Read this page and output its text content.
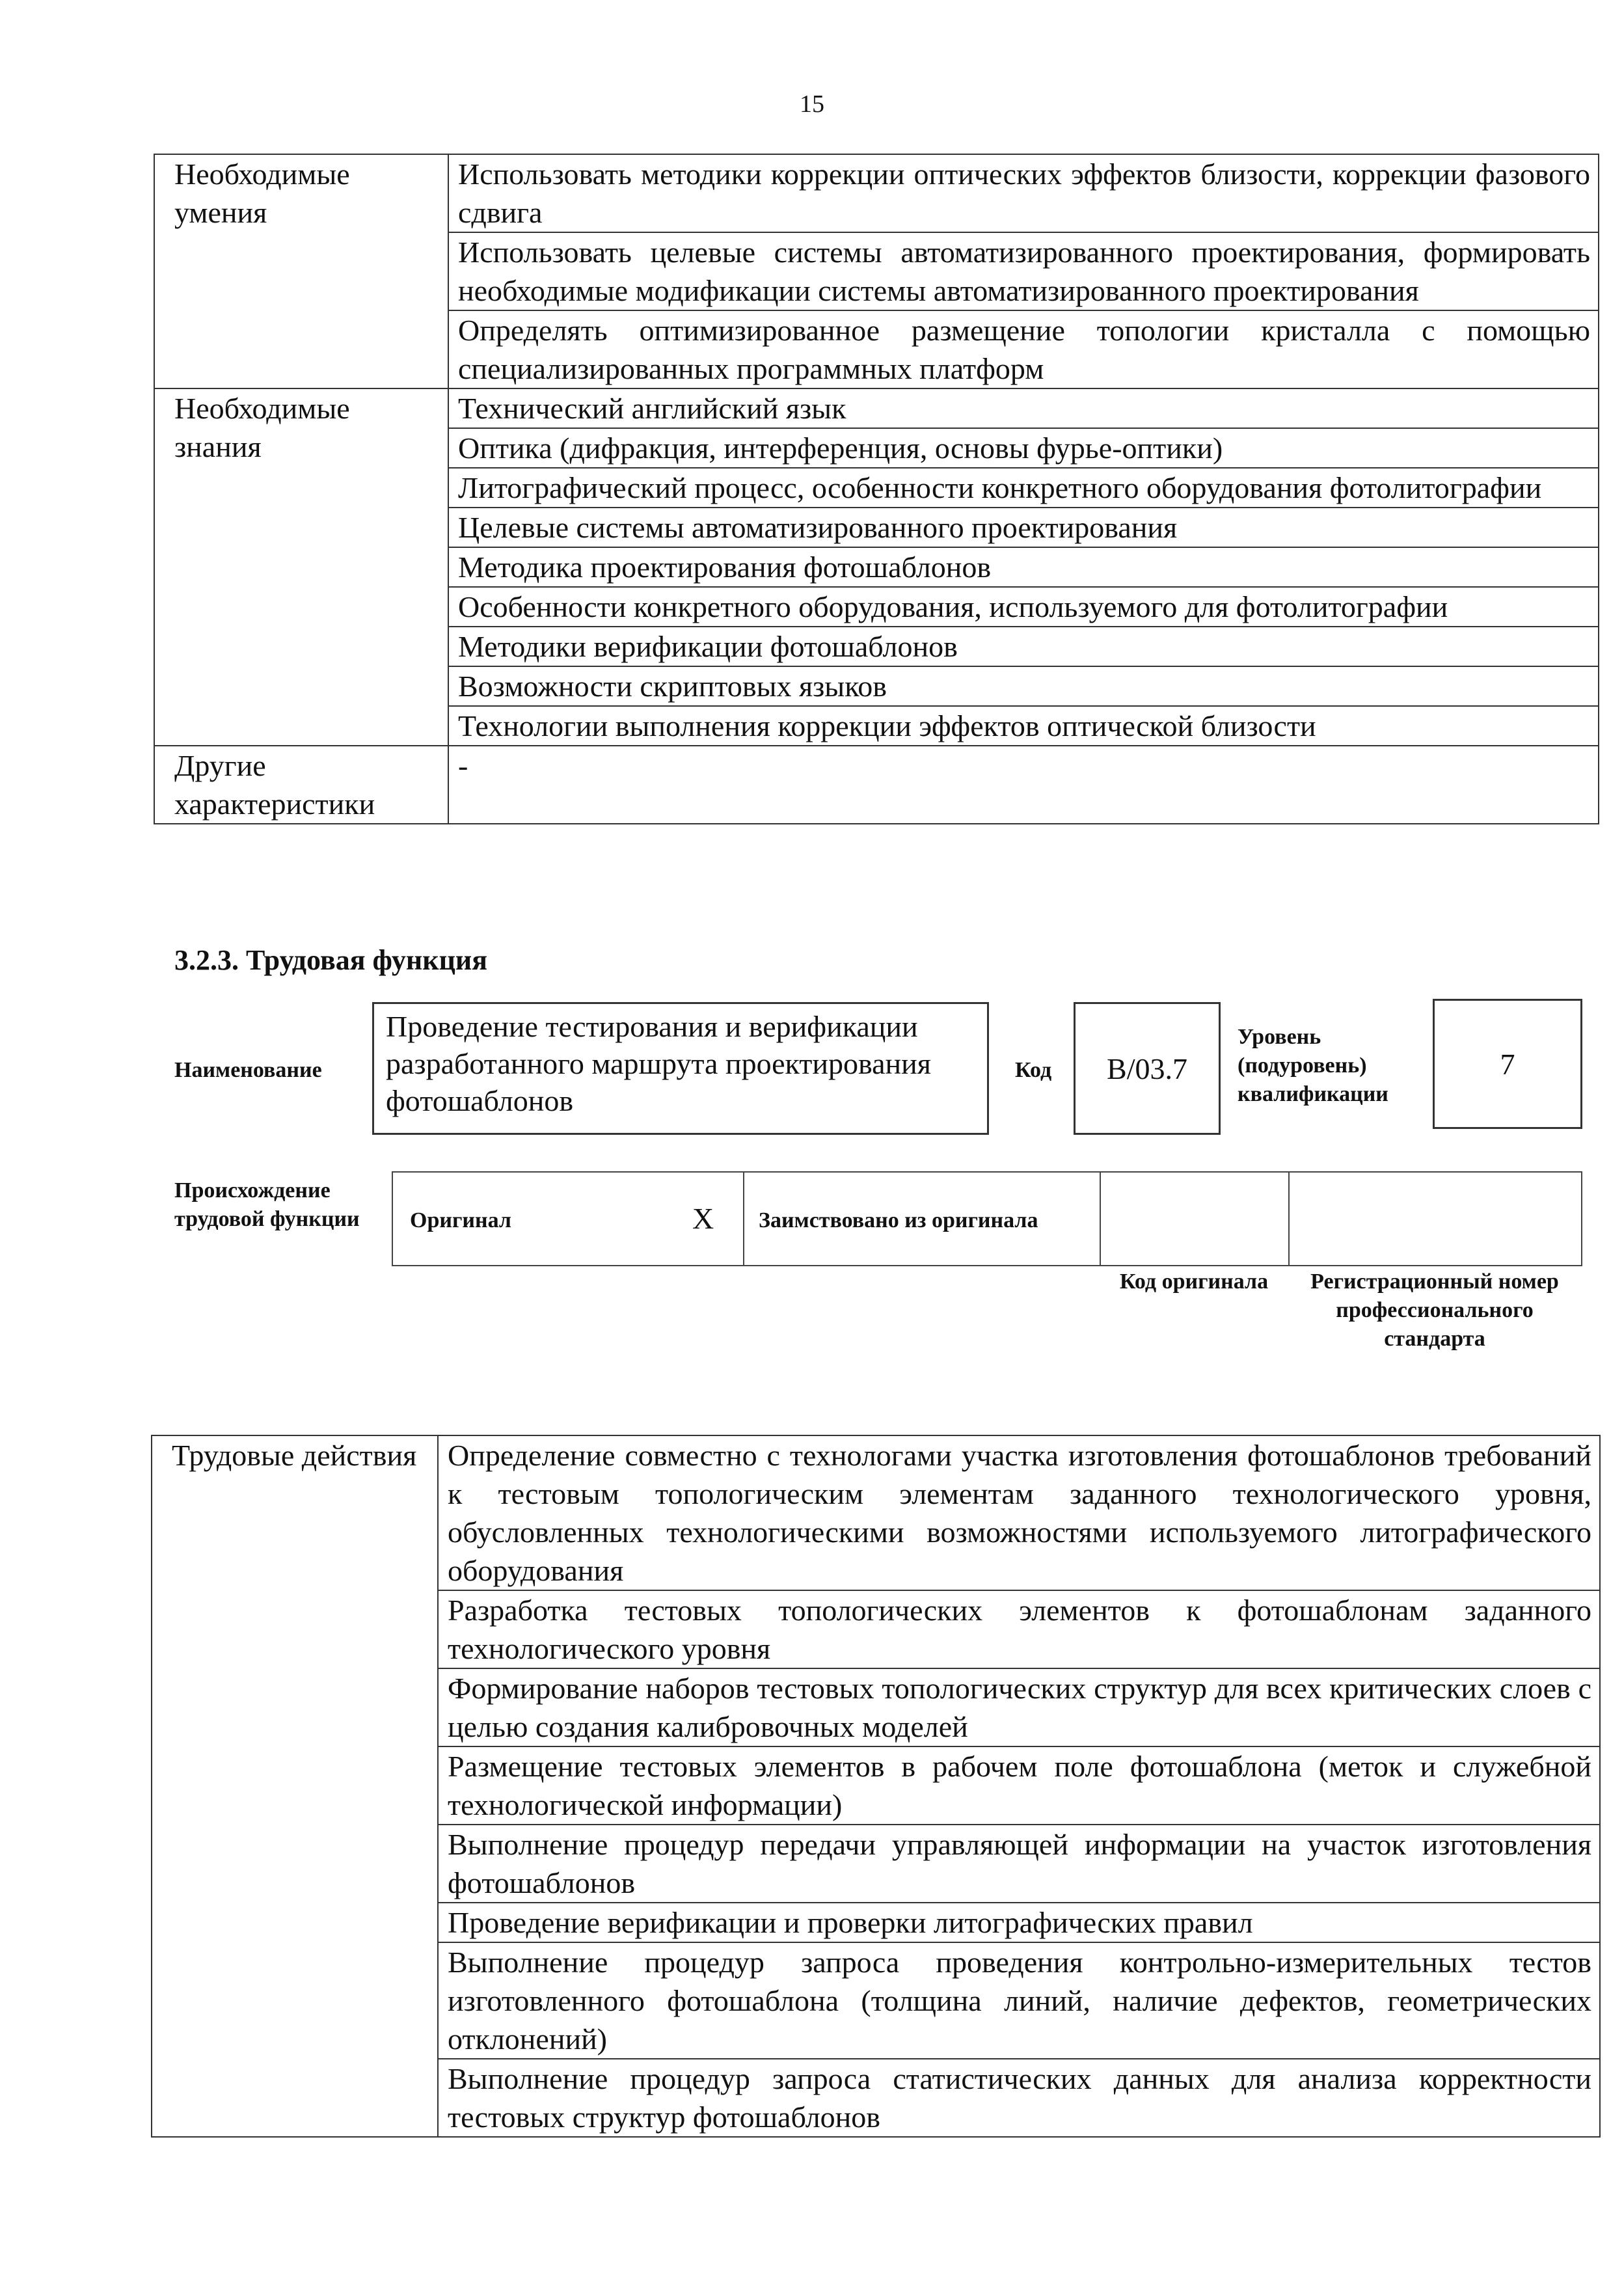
15
Необходимые умения	Использовать методики коррекции оптических эффектов близости, коррекции фазового сдвига
	Использовать целевые системы автоматизированного проектирования, формировать необходимые модификации системы автоматизированного проектирования
	Определять оптимизированное размещение топологии кристалла с помощью специализированных программных платформ
Необходимые знания	Технический английский язык
	Оптика (дифракция, интерференция, основы фурье-оптики)
	Литографический процесс, особенности конкретного оборудования фотолитографии
	Целевые системы автоматизированного проектирования
	Методика проектирования фотошаблонов
	Особенности конкретного оборудования, используемого для фотолитографии
	Методики верификации фотошаблонов
	Возможности скриптовых языков
	Технологии выполнения коррекции эффектов оптической близости
Другие характеристики	-
3.2.3. Трудовая функция
Наименование
Проведение тестирования и верификации разработанного маршрута проектирования фотошаблонов
Код	B/03.7
Уровень (подуровень) квалификации
7
Происхождение трудовой функции	Оригинал	X Заимствовано из оригинала
Код оригинала	Регистрационный номер профессионального стандарта
Трудовые действия	Определение совместно с технологами участка изготовления фотошаблонов требований к тестовым топологическим элементам заданного технологического уровня, обусловленных технологическими возможностями используемого литографического оборудования
Разработка тестовых топологических элементов к фотошаблонам заданного технологического уровня
Формирование наборов тестовых топологических структур для всех критических слоев с целью создания калибровочных моделей
Размещение тестовых элементов в рабочем поле фотошаблона (меток и служебной технологической информации)
Выполнение процедур передачи управляющей информации на участок изготовления фотошаблонов
Проведение верификации и проверки литографических правил
Выполнение процедур запроса проведения контрольно-измерительных тестов изготовленного фотошаблона (толщина линий, наличие дефектов, геометрических отклонений)
Выполнение процедур запроса статистических данных для анализа корректности тестовых структур фотошаблонов
